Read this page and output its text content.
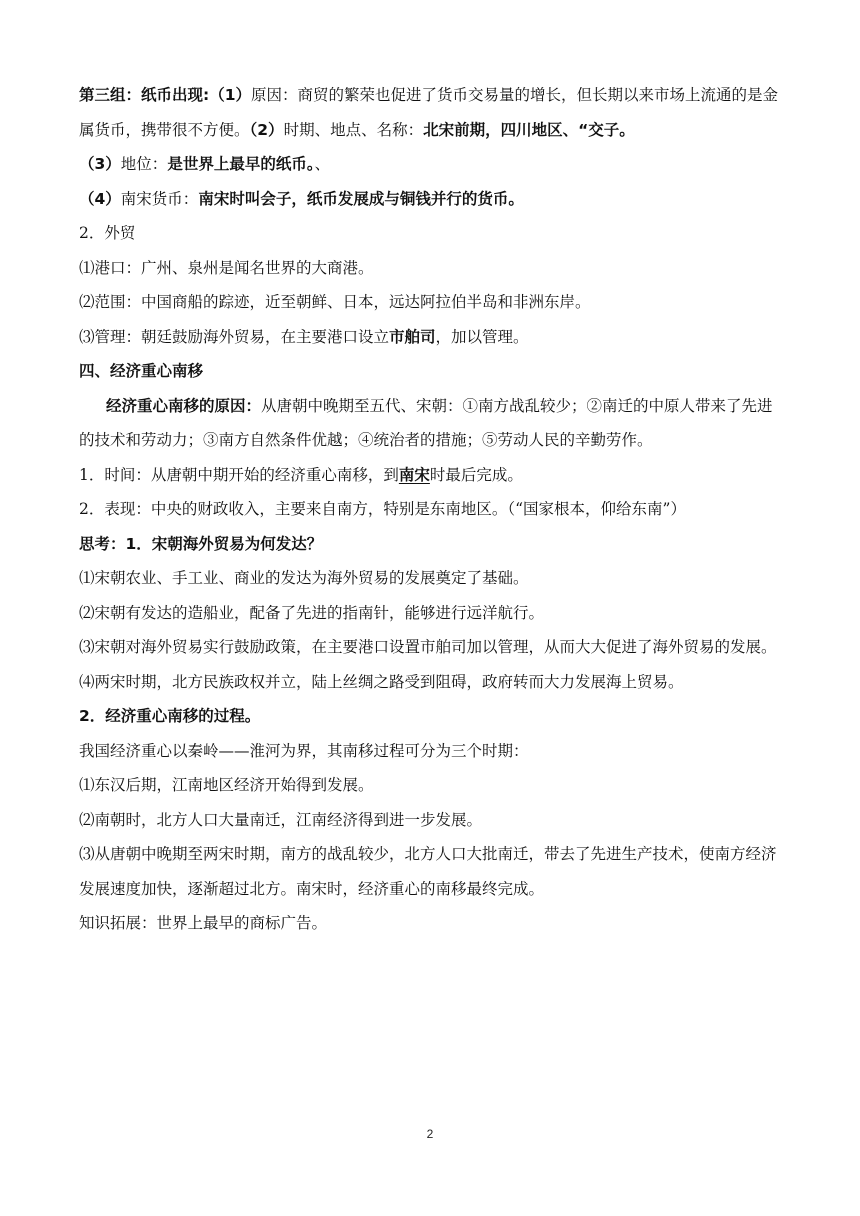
第三组：纸币出现:（1）原因：商贸的繁荣也促进了货币交易量的增长，但长期以来市场上流通的是金属货币，携带很不方便。（2）时期、地点、名称：北宋前期，四川地区、“交子。

（3）地位：是世界上最早的纸币。、

（4）南宋货币：南宋时叫会子，纸币发展成与铜钱并行的货币。

2．外贸

⑴港口：广州、泉州是闻名世界的大商港。

⑵范围：中国商船的踪迹，近至朝鲜、日本，远达阿拉伯半岛和非洲东岸。

⑶管理：朝廷鼓励海外贸易，在主要港口设立市舶司，加以管理。

四、经济重心南移

经济重心南移的原因：从唐朝中晚期至五代、宋朝：①南方战乱较少；②南迁的中原人带来了先进的技术和劳动力；③南方自然条件优越；④统治者的措施；⑤劳动人民的辛勤劳作。

1．时间：从唐朝中期开始的经济重心南移，到南宋时最后完成。

2．表现：中央的财政收入，主要来自南方，特别是东南地区。（“国家根本，仰给东南”）

思考：1．宋朝海外贸易为何发达？

⑴宋朝农业、手工业、商业的发达为海外贸易的发展奠定了基础。

⑵宋朝有发达的造船业，配备了先进的指南针，能够进行远洋航行。

⑶宋朝对海外贸易实行鼓励政策，在主要港口设置市舶司加以管理，从而大大促进了海外贸易的发展。

⑷两宋时期，北方民族政权并立，陆上丝绸之路受到阻碍，政府转而大力发展海上贸易。

2．经济重心南移的过程。

我国经济重心以秦岭——淮河为界，其南移过程可分为三个时期：

⑴东汉后期，江南地区经济开始得到发展。

⑵南朝时，北方人口大量南迁，江南经济得到进一步发展。

⑶从唐朝中晚期至两宋时期，南方的战乱较少，北方人口大批南迁，带去了先进生产技术，使南方经济发展速度加快，逐渐超过北方。南宋时，经济重心的南移最终完成。

知识拓展：世界上最早的商标广告。

2
